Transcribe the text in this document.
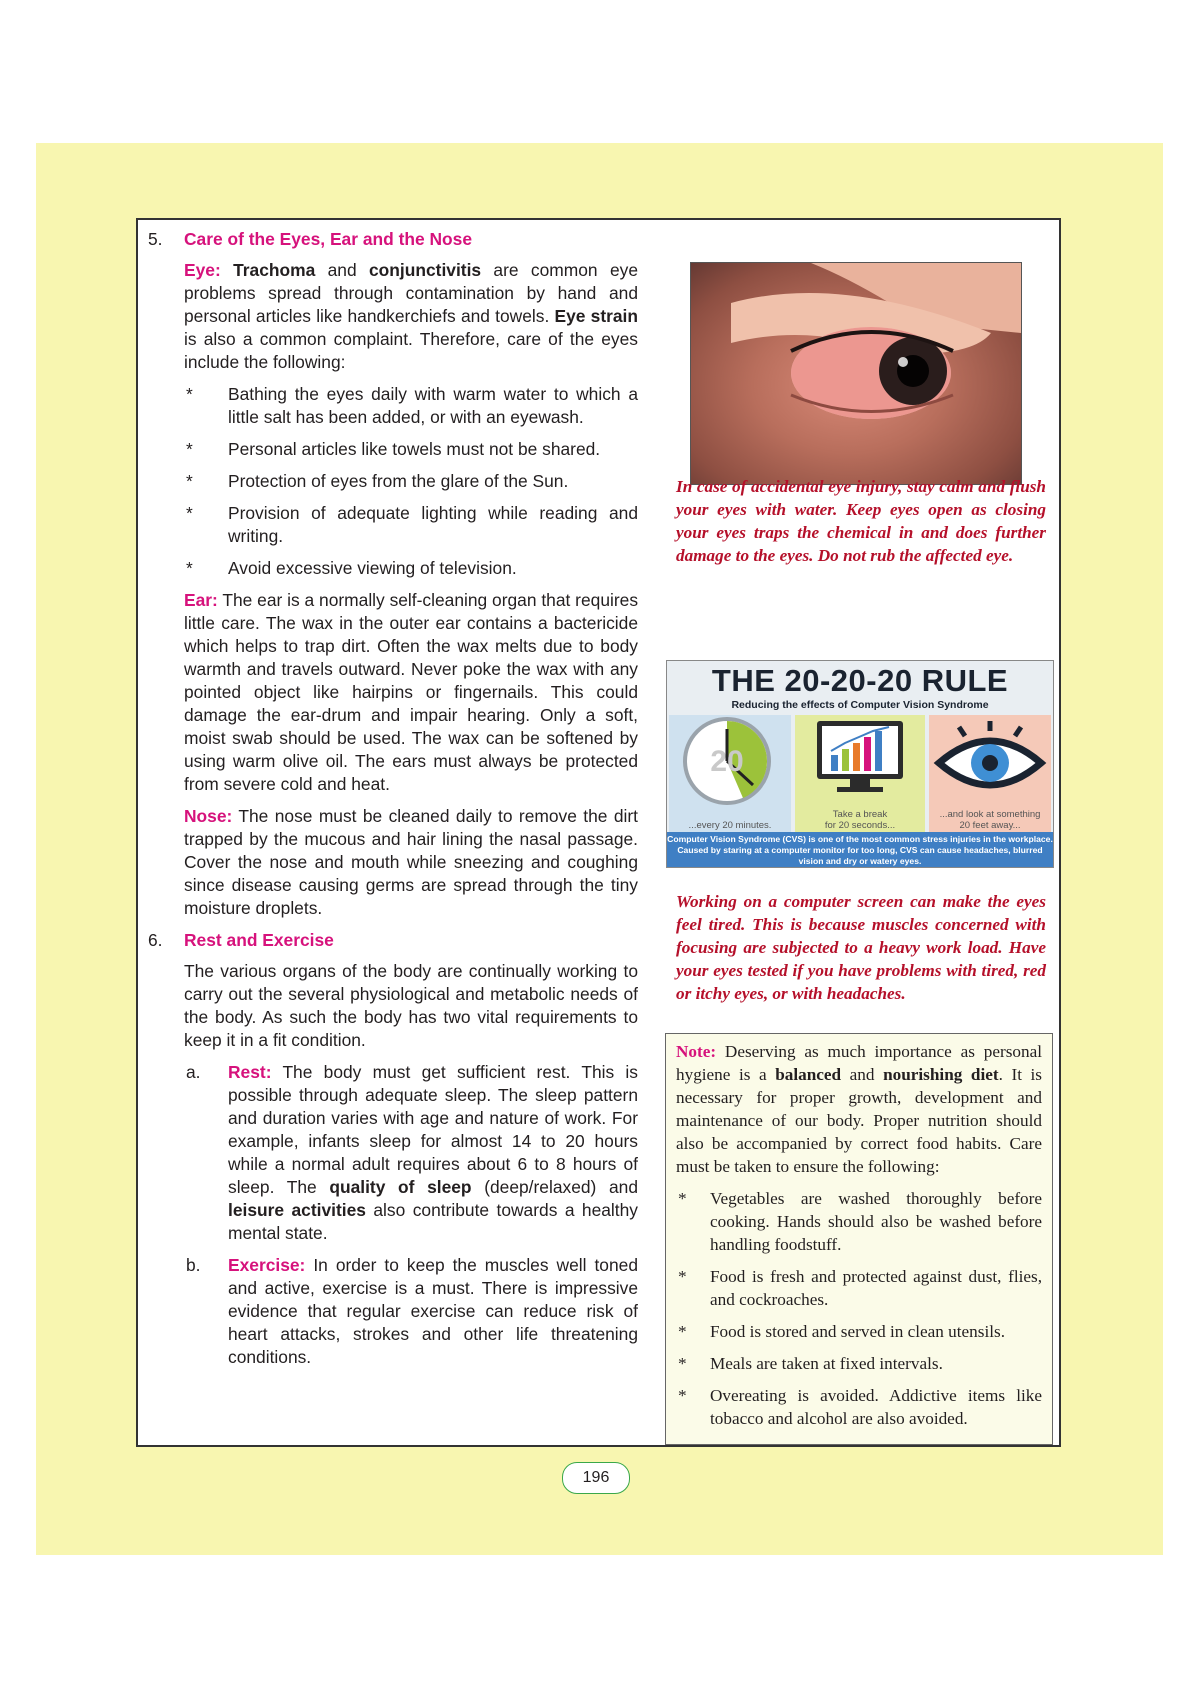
5. Care of the Eyes, Ear and the Nose

Eye: Trachoma and conjunctivitis are common eye problems spread through contamination by hand and personal articles like handkerchiefs and towels. Eye strain is also a common complaint. Therefore, care of the eyes include the following:

* Bathing the eyes daily with warm water to which a little salt has been added, or with an eyewash.
* Personal articles like towels must not be shared.
* Protection of eyes from the glare of the Sun.
* Provision of adequate lighting while reading and writing.
* Avoid excessive viewing of television.

Ear: The ear is a normally self-cleaning organ that requires little care. The wax in the outer ear contains a bactericide which helps to trap dirt. Often the wax melts due to body warmth and travels outward. Never poke the wax with any pointed object like hairpins or fingernails. This could damage the ear-drum and impair hearing. Only a soft, moist swab should be used. The wax can be softened by using warm olive oil. The ears must always be protected from severe cold and heat.

Nose: The nose must be cleaned daily to remove the dirt trapped by the mucous and hair lining the nasal passage. Cover the nose and mouth while sneezing and coughing since disease causing germs are spread through the tiny moisture droplets.

6. Rest and Exercise

The various organs of the body are continually working to carry out the several physiological and metabolic needs of the body. As such the body has two vital requirements to keep it in a fit condition.

a. Rest: The body must get sufficient rest. This is possible through adequate sleep. The sleep pattern and duration varies with age and nature of work. For example, infants sleep for almost 14 to 20 hours while a normal adult requires about 6 to 8 hours of sleep. The quality of sleep (deep/relaxed) and leisure activities also contribute towards a healthy mental state.
b. Exercise: In order to keep the muscles well toned and active, exercise is a must. There is impressive evidence that regular exercise can reduce risk of heart attacks, strokes and other life threatening conditions.
In case of accidental eye injury, stay calm and flush your eyes with water. Keep eyes open as closing your eyes traps the chemical in and does further damage to the eyes. Do not rub the affected eye.
THE 20-20-20 RULE
Reducing the effects of Computer Vision Syndrome
20
...every 20 minutes.
Take a break
for 20 seconds...
...and look at something
20 feet away...
Computer Vision Syndrome (CVS) is one of the most common stress injuries in the workplace. Caused by staring at a computer monitor for too long, CVS can cause headaches, blurred vision and dry or watery eyes.
Working on a computer screen can make the eyes feel tired. This is because muscles concerned with focusing are subjected to a heavy work load. Have your eyes tested if you have problems with tired, red or itchy eyes, or with headaches.
Note: Deserving as much importance as personal hygiene is a balanced and nourishing diet. It is necessary for proper growth, development and maintenance of our body. Proper nutrition should also be accompanied by correct food habits. Care must be taken to ensure the following:
* Vegetables are washed thoroughly before cooking. Hands should also be washed before handling foodstuff.
* Food is fresh and protected against dust, flies, and cockroaches.
* Food is stored and served in clean utensils.
* Meals are taken at fixed intervals.
* Overeating is avoided. Addictive items like tobacco and alcohol are also avoided.
196
